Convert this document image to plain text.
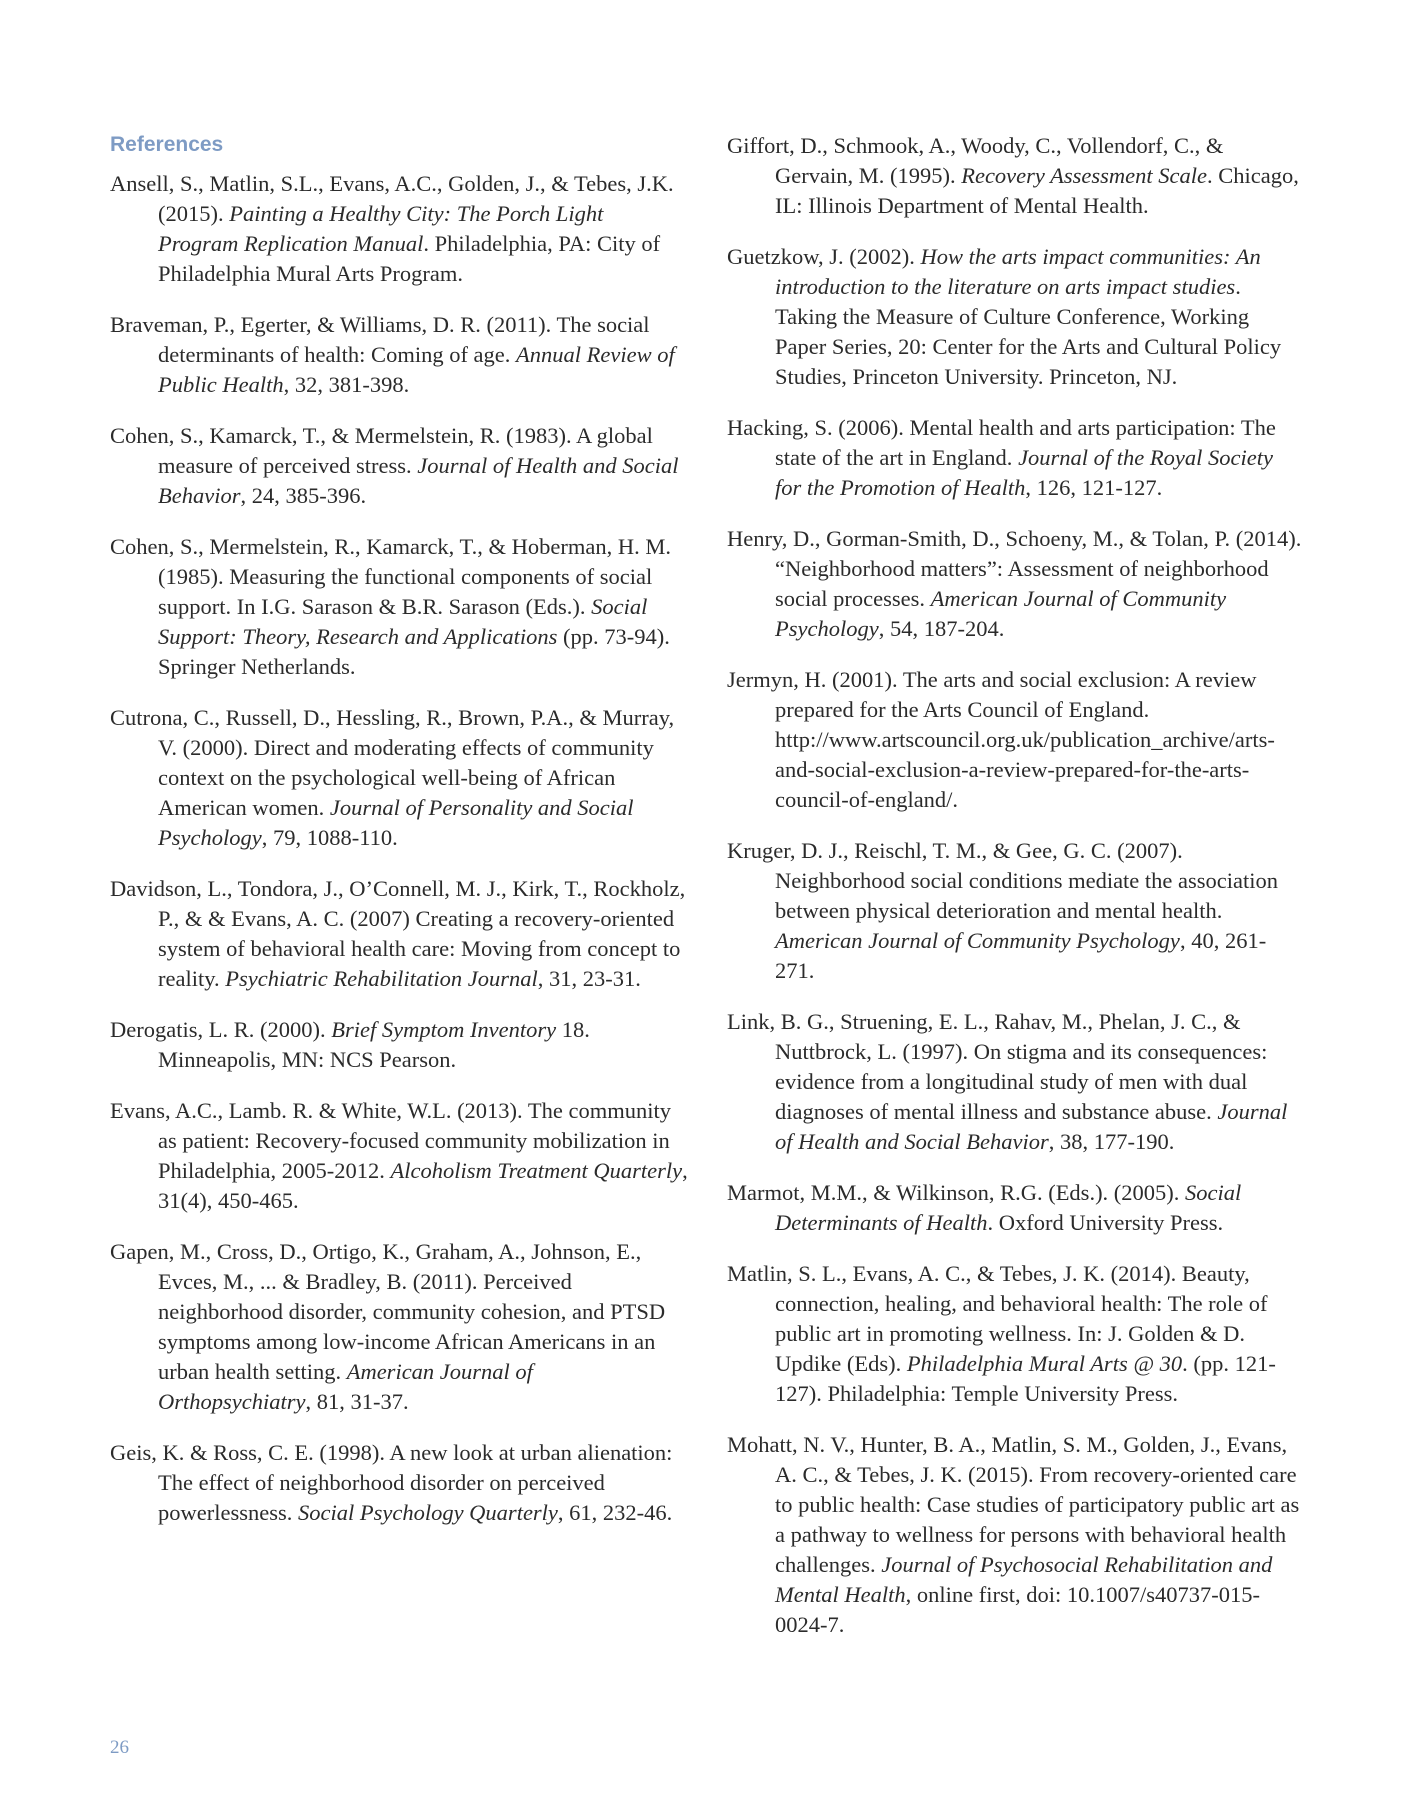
References

Ansell, S., Matlin, S.L., Evans, A.C., Golden, J., & Tebes, J.K. (2015). Painting a Healthy City: The Porch Light Program Replication Manual. Philadelphia, PA: City of Philadelphia Mural Arts Program.

Braveman, P., Egerter, & Williams, D. R. (2011). The social determinants of health: Coming of age. Annual Review of Public Health, 32, 381-398.

Cohen, S., Kamarck, T., & Mermelstein, R. (1983). A global measure of perceived stress. Journal of Health and Social Behavior, 24, 385-396.

Cohen, S., Mermelstein, R., Kamarck, T., & Hoberman, H. M. (1985). Measuring the functional components of social support. In I.G. Sarason & B.R. Sarason (Eds.). Social Support: Theory, Research and Applications (pp. 73-94). Springer Netherlands.

Cutrona, C., Russell, D., Hessling, R., Brown, P.A., & Murray, V. (2000). Direct and moderating effects of community context on the psychological well-being of African American women. Journal of Personality and Social Psychology, 79, 1088-110.

Davidson, L., Tondora, J., O’Connell, M. J., Kirk, T., Rockholz, P., & & Evans, A. C. (2007) Creating a recovery-oriented system of behavioral health care: Moving from concept to reality. Psychiatric Rehabilitation Journal, 31, 23-31.

Derogatis, L. R. (2000). Brief Symptom Inventory 18. Minneapolis, MN: NCS Pearson.

Evans, A.C., Lamb. R. & White, W.L. (2013). The community as patient: Recovery-focused community mobilization in Philadelphia, 2005-2012. Alcoholism Treatment Quarterly, 31(4), 450-465.

Gapen, M., Cross, D., Ortigo, K., Graham, A., Johnson, E., Evces, M., ... & Bradley, B. (2011). Perceived neighborhood disorder, community cohesion, and PTSD symptoms among low-income African Americans in an urban health setting. American Journal of Orthopsychiatry, 81, 31-37.

Geis, K. & Ross, C. E. (1998). A new look at urban alienation: The effect of neighborhood disorder on perceived powerlessness. Social Psychology Quarterly, 61, 232-46.

Giffort, D., Schmook, A., Woody, C., Vollendorf, C., & Gervain, M. (1995). Recovery Assessment Scale. Chicago, IL: Illinois Department of Mental Health.

Guetzkow, J. (2002). How the arts impact communities: An introduction to the literature on arts impact studies. Taking the Measure of Culture Conference, Working Paper Series, 20: Center for the Arts and Cultural Policy Studies, Princeton University. Princeton, NJ.

Hacking, S. (2006). Mental health and arts participation: The state of the art in England. Journal of the Royal Society for the Promotion of Health, 126, 121-127.

Henry, D., Gorman-Smith, D., Schoeny, M., & Tolan, P. (2014). “Neighborhood matters”: Assessment of neighborhood social processes. American Journal of Community Psychology, 54, 187-204.

Jermyn, H. (2001). The arts and social exclusion: A review prepared for the Arts Council of England. http://www.artscouncil.org.uk/publication_archive/arts-and-social-exclusion-a-review-prepared-for-the-arts-council-of-england/.

Kruger, D. J., Reischl, T. M., & Gee, G. C. (2007). Neighborhood social conditions mediate the association between physical deterioration and mental health. American Journal of Community Psychology, 40, 261-271.

Link, B. G., Struening, E. L., Rahav, M., Phelan, J. C., & Nuttbrock, L. (1997). On stigma and its consequences: evidence from a longitudinal study of men with dual diagnoses of mental illness and substance abuse. Journal of Health and Social Behavior, 38, 177-190.

Marmot, M.M., & Wilkinson, R.G. (Eds.). (2005). Social Determinants of Health. Oxford University Press.

Matlin, S. L., Evans, A. C., & Tebes, J. K. (2014). Beauty, connection, healing, and behavioral health: The role of public art in promoting wellness. In: J. Golden & D. Updike (Eds). Philadelphia Mural Arts @ 30. (pp. 121-127). Philadelphia: Temple University Press.

Mohatt, N. V., Hunter, B. A., Matlin, S. M., Golden, J., Evans, A. C., & Tebes, J. K. (2015). From recovery-oriented care to public health: Case studies of participatory public art as a pathway to wellness for persons with behavioral health challenges. Journal of Psychosocial Rehabilitation and Mental Health, online first, doi: 10.1007/s40737-015-0024-7.

26
